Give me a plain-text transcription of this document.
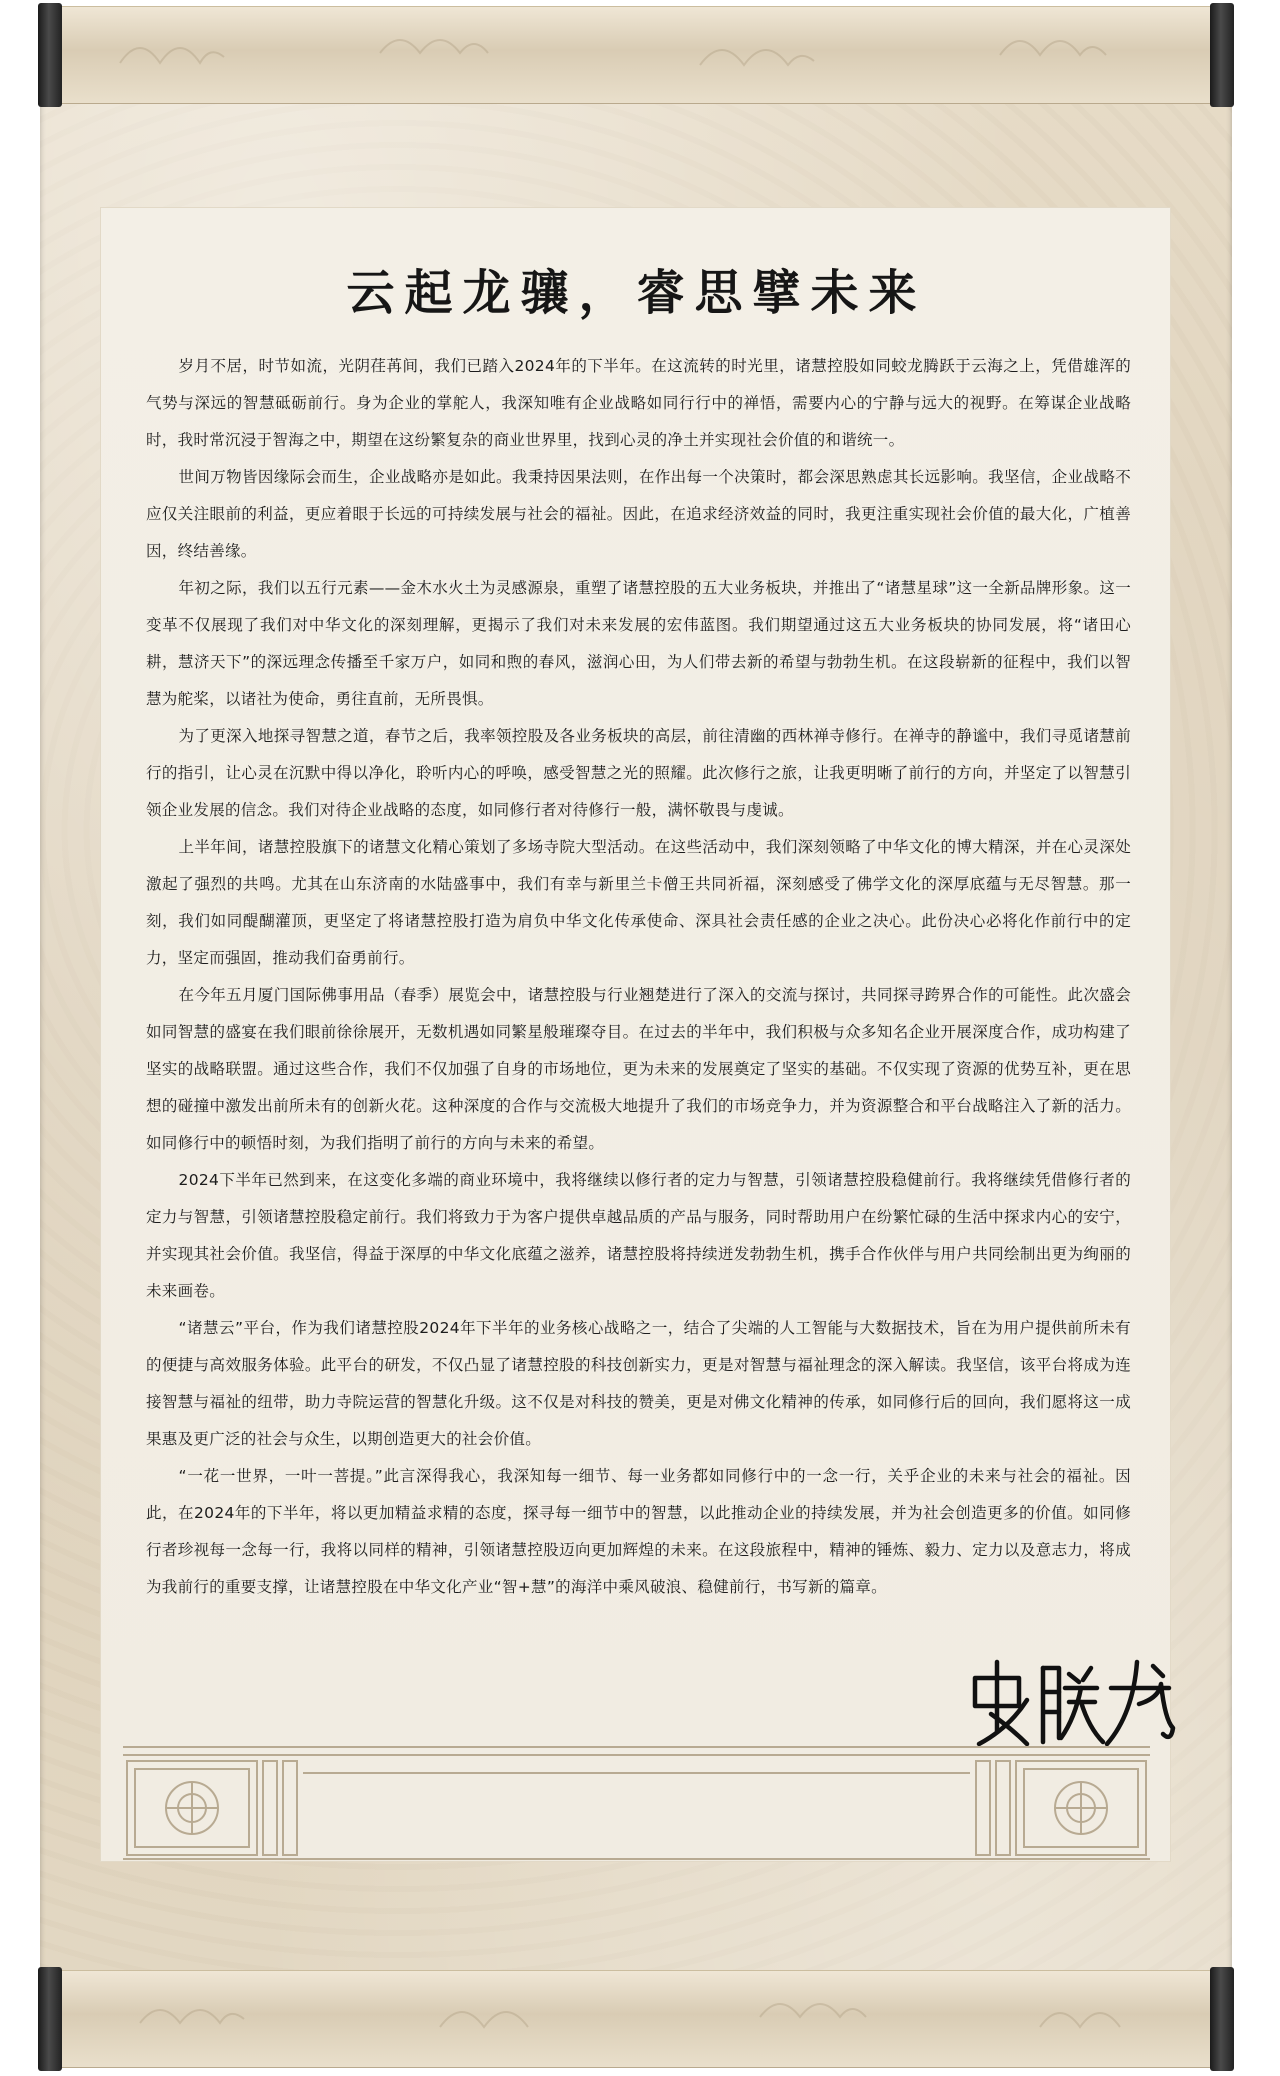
云起龙骧，睿思擘未来

岁月不居，时节如流，光阴荏苒间，我们已踏入2024年的下半年。在这流转的时光里，诸慧控股如同蛟龙腾跃于云海之上，凭借雄浑的气势与深远的智慧砥砺前行。身为企业的掌舵人，我深知唯有企业战略如同行行中的禅悟，需要内心的宁静与远大的视野。在筹谋企业战略时，我时常沉浸于智海之中，期望在这纷繁复杂的商业世界里，找到心灵的净土并实现社会价值的和谐统一。

世间万物皆因缘际会而生，企业战略亦是如此。我秉持因果法则，在作出每一个决策时，都会深思熟虑其长远影响。我坚信，企业战略不应仅关注眼前的利益，更应着眼于长远的可持续发展与社会的福祉。因此，在追求经济效益的同时，我更注重实现社会价值的最大化，广植善因，终结善缘。

年初之际，我们以五行元素——金木水火土为灵感源泉，重塑了诸慧控股的五大业务板块，并推出了“诸慧星球”这一全新品牌形象。这一变革不仅展现了我们对中华文化的深刻理解，更揭示了我们对未来发展的宏伟蓝图。我们期望通过这五大业务板块的协同发展，将“诸田心耕，慧济天下”的深远理念传播至千家万户，如同和煦的春风，滋润心田，为人们带去新的希望与勃勃生机。在这段崭新的征程中，我们以智慧为舵桨，以诸社为使命，勇往直前，无所畏惧。

为了更深入地探寻智慧之道，春节之后，我率领控股及各业务板块的高层，前往清幽的西林禅寺修行。在禅寺的静谧中，我们寻觅诸慧前行的指引，让心灵在沉默中得以净化，聆听内心的呼唤，感受智慧之光的照耀。此次修行之旅，让我更明晰了前行的方向，并坚定了以智慧引领企业发展的信念。我们对待企业战略的态度，如同修行者对待修行一般，满怀敬畏与虔诚。

上半年间，诸慧控股旗下的诸慧文化精心策划了多场寺院大型活动。在这些活动中，我们深刻领略了中华文化的博大精深，并在心灵深处激起了强烈的共鸣。尤其在山东济南的水陆盛事中，我们有幸与新里兰卡僧王共同祈福，深刻感受了佛学文化的深厚底蕴与无尽智慧。那一刻，我们如同醍醐灌顶，更坚定了将诸慧控股打造为肩负中华文化传承使命、深具社会责任感的企业之决心。此份决心必将化作前行中的定力，坚定而强固，推动我们奋勇前行。

在今年五月厦门国际佛事用品（春季）展览会中，诸慧控股与行业翘楚进行了深入的交流与探讨，共同探寻跨界合作的可能性。此次盛会如同智慧的盛宴在我们眼前徐徐展开，无数机遇如同繁星般璀璨夺目。在过去的半年中，我们积极与众多知名企业开展深度合作，成功构建了坚实的战略联盟。通过这些合作，我们不仅加强了自身的市场地位，更为未来的发展奠定了坚实的基础。不仅实现了资源的优势互补，更在思想的碰撞中激发出前所未有的创新火花。这种深度的合作与交流极大地提升了我们的市场竞争力，并为资源整合和平台战略注入了新的活力。如同修行中的顿悟时刻，为我们指明了前行的方向与未来的希望。

2024下半年已然到来，在这变化多端的商业环境中，我将继续以修行者的定力与智慧，引领诸慧控股稳健前行。我将继续凭借修行者的定力与智慧，引领诸慧控股稳定前行。我们将致力于为客户提供卓越品质的产品与服务，同时帮助用户在纷繁忙碌的生活中探求内心的安宁，并实现其社会价值。我坚信，得益于深厚的中华文化底蕴之滋养，诸慧控股将持续迸发勃勃生机，携手合作伙伴与用户共同绘制出更为绚丽的未来画卷。

“诸慧云”平台，作为我们诸慧控股2024年下半年的业务核心战略之一，结合了尖端的人工智能与大数据技术，旨在为用户提供前所未有的便捷与高效服务体验。此平台的研发，不仅凸显了诸慧控股的科技创新实力，更是对智慧与福祉理念的深入解读。我坚信，该平台将成为连接智慧与福祉的纽带，助力寺院运营的智慧化升级。这不仅是对科技的赞美，更是对佛文化精神的传承，如同修行后的回向，我们愿将这一成果惠及更广泛的社会与众生，以期创造更大的社会价值。

“一花一世界，一叶一菩提。”此言深得我心，我深知每一细节、每一业务都如同修行中的一念一行，关乎企业的未来与社会的福祉。因此，在2024年的下半年，将以更加精益求精的态度，探寻每一细节中的智慧，以此推动企业的持续发展，并为社会创造更多的价值。如同修行者珍视每一念每一行，我将以同样的精神，引领诸慧控股迈向更加辉煌的未来。在这段旅程中，精神的锤炼、毅力、定力以及意志力，将成为我前行的重要支撑，让诸慧控股在中华文化产业“智+慧”的海洋中乘风破浪、稳健前行，书写新的篇章。
